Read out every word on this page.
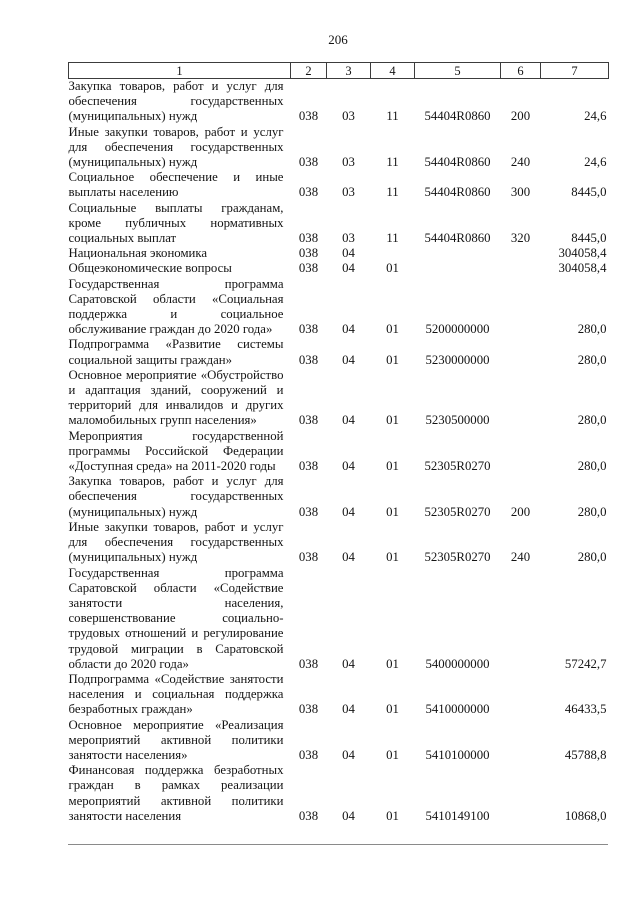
206
1	2	3	4	5	6	7
Закупка товаров, работ и услуг для обеспечения государственных (муниципальных) нужд	038	03	11	54404R0860	200	24,6
Иные закупки товаров, работ и услуг для обеспечения государственных (муниципальных) нужд	038	03	11	54404R0860	240	24,6
Социальное обеспечение и иные выплаты населению	038	03	11	54404R0860	300	8445,0
Социальные выплаты гражданам, кроме публичных нормативных социальных выплат	038	03	11	54404R0860	320	8445,0
Национальная экономика	038	04				304058,4
Общеэкономические вопросы	038	04	01			304058,4
Государственная программа Саратовской области «Социальная поддержка и социальное обслуживание граждан до 2020 года»	038	04	01	5200000000		280,0
Подпрограмма «Развитие системы социальной защиты граждан»	038	04	01	5230000000		280,0
Основное мероприятие «Обустройство и адаптация зданий, сооружений и территорий для инвалидов и других маломобильных групп населения»	038	04	01	5230500000		280,0
Мероприятия государственной программы Российской Федерации «Доступная среда» на 2011-2020 годы	038	04	01	52305R0270		280,0
Закупка товаров, работ и услуг для обеспечения государственных (муниципальных) нужд	038	04	01	52305R0270	200	280,0
Иные закупки товаров, работ и услуг для обеспечения государственных (муниципальных) нужд	038	04	01	52305R0270	240	280,0
Государственная программа Саратовской области «Содействие занятости населения, совершенствование социально-трудовых отношений и регулирование трудовой миграции в Саратовской области до 2020 года»	038	04	01	5400000000		57242,7
Подпрограмма «Содействие занятости населения и социальная поддержка безработных граждан»	038	04	01	5410000000		46433,5
Основное мероприятие «Реализация мероприятий активной политики занятости населения»	038	04	01	5410100000		45788,8
Финансовая поддержка безработных граждан в рамках реализации мероприятий активной политики занятости населения	038	04	01	5410149100		10868,0
